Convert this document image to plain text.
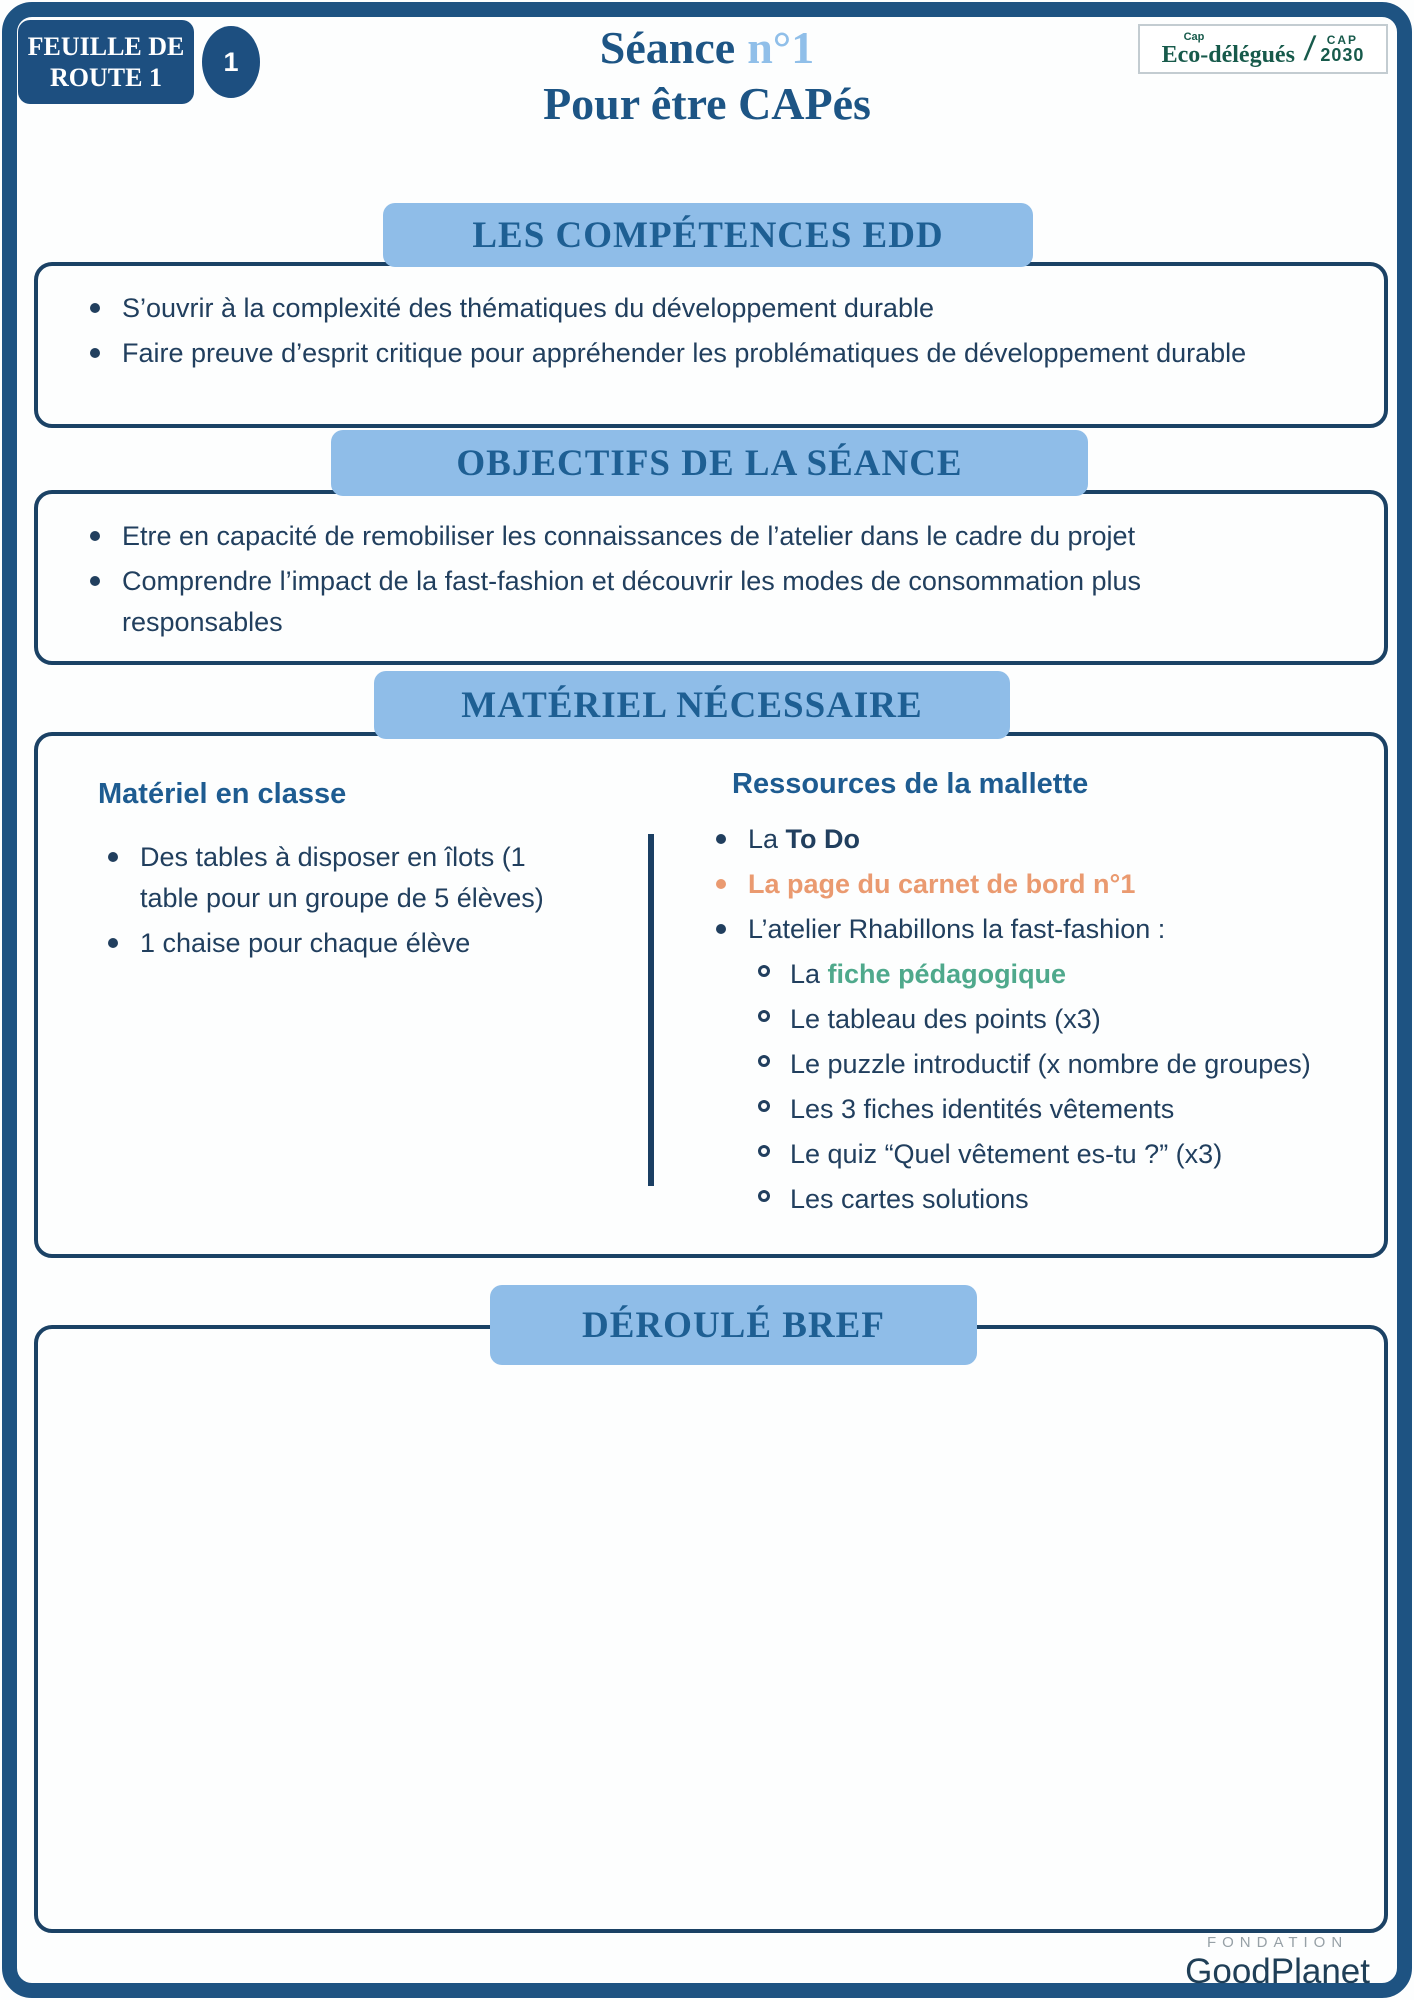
FEUILLE DE
ROUTE 1
1	Séance n°1
Pour être CAPés
Cap
Eco-délégués / CAP
2030
LES COMPÉTENCES EDD
S’ouvrir à la complexité des thématiques du développement durable
Faire preuve d’esprit critique pour appréhender les problématiques de développement durable
OBJECTIFS DE LA SÉANCE
Etre en capacité de remobiliser les connaissances de l’atelier dans le cadre du projet
Comprendre l’impact de la fast-fashion et découvrir les modes de consommation plus responsables
MATÉRIEL NÉCESSAIRE
Matériel en classe
Des tables à disposer en îlots (1 table pour un groupe de 5 élèves)
1 chaise pour chaque élève
Ressources de la mallette
La To Do
La page du carnet de bord n°1
L’atelier Rhabillons la fast-fashion :
La fiche pédagogique
Le tableau des points (x3)
Le puzzle introductif (x nombre de groupes)
Les 3 fiches identités vêtements
Le quiz “Quel vêtement es-tu ?” (x3)
Les cartes solutions
DÉROULÉ BREF
FONDATION
GoodPlanet
